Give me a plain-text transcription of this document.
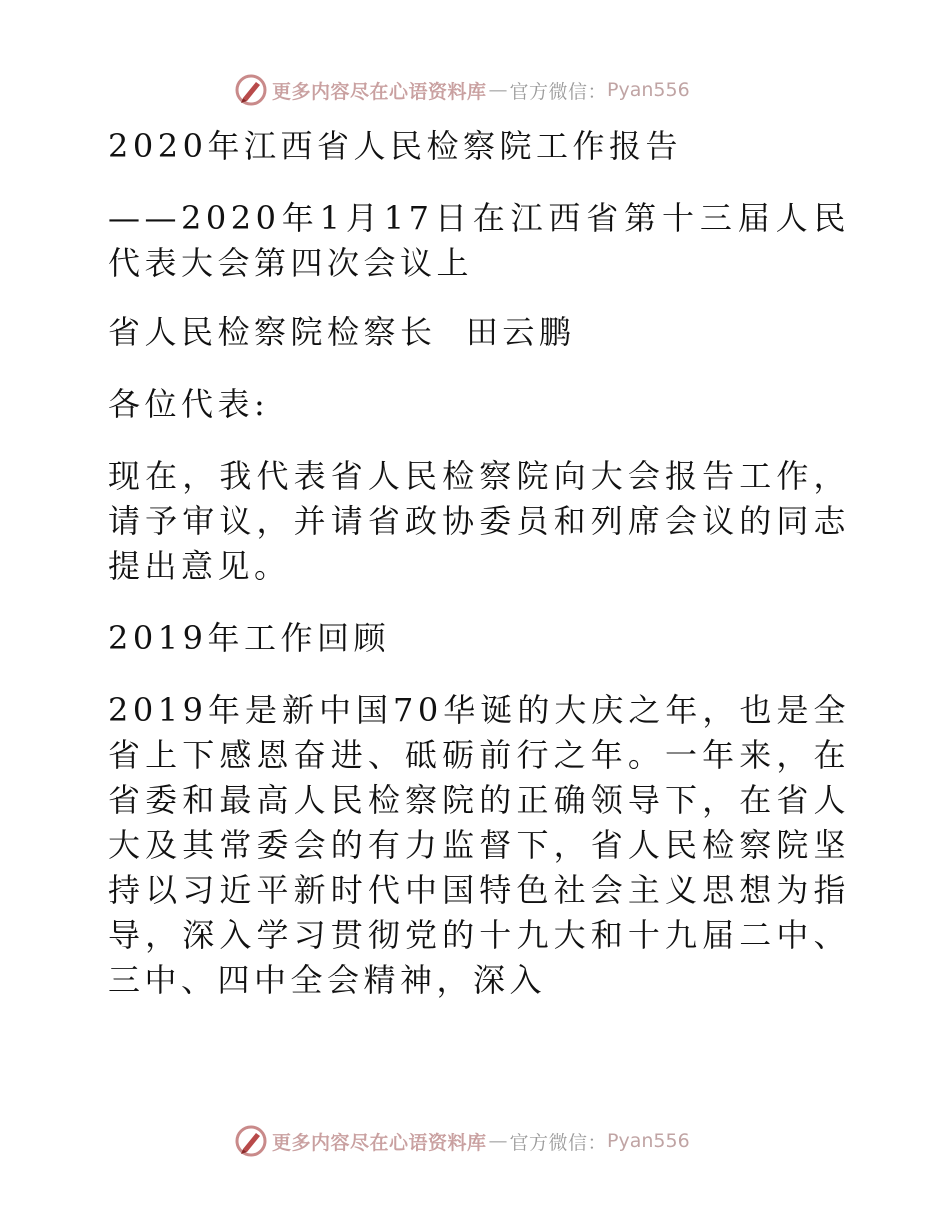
更多内容尽在心语资料库 — 官方微信： Pyan556

2020年江西省人民检察院工作报告

——2020年1月17日在江西省第十三届人民代表大会第四次会议上

省人民检察院检察长  田云鹏

各位代表:

现在，我代表省人民检察院向大会报告工作，请予审议，并请省政协委员和列席会议的同志提出意见。

2019年工作回顾

2019年是新中国70华诞的大庆之年，也是全省上下感恩奋进、砥砺前行之年。一年来，在省委和最高人民检察院的正确领导下，在省人大及其常委会的有力监督下，省人民检察院坚持以习近平新时代中国特色社会主义思想为指导，深入学习贯彻党的十九大和十九届二中、三中、四中全会精神，深入

更多内容尽在心语资料库 — 官方微信： Pyan556
